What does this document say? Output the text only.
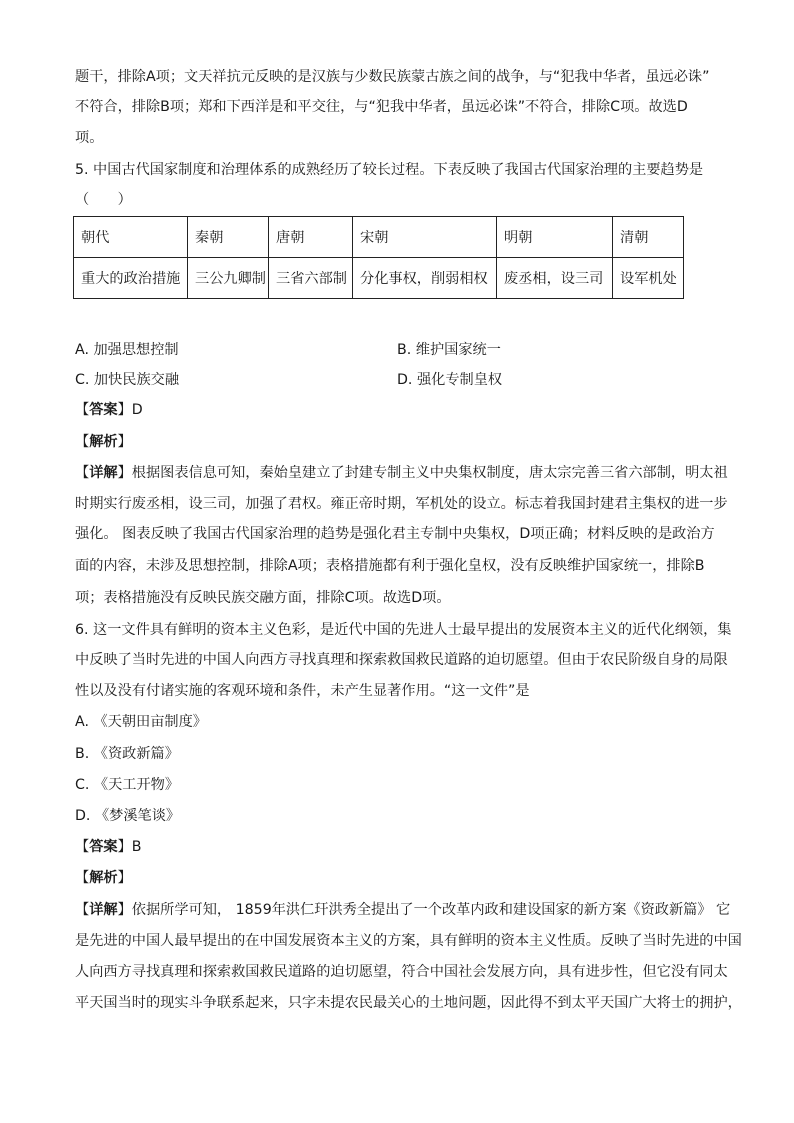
题干，排除A项；文天祥抗元反映的是汉族与少数民族蒙古族之间的战争，与“犯我中华者，虽远必诛”
不符合，排除B项；郑和下西洋是和平交往，与“犯我中华者，虽远必诛”不符合，排除C项。故选D
项。
5. 中国古代国家制度和治理体系的成熟经历了较长过程。下表反映了我国古代国家治理的主要趋势是
（　　）
朝代	秦朝	唐朝	宋朝	明朝	清朝
重大的政治措施	三公九卿制	三省六部制	分化事权，削弱相权	废丞相，设三司	设军机处
A. 加强思想控制	B. 维护国家统一
C. 加快民族交融	D. 强化专制皇权
【答案】D
【解析】
【详解】根据图表信息可知，秦始皇建立了封建专制主义中央集权制度，唐太宗完善三省六部制，明太祖
时期实行废丞相，设三司，加强了君权。雍正帝时期，军机处的设立。标志着我国封建君主集权的进一步
强化。 图表反映了我国古代国家治理的趋势是强化君主专制中央集权，D项正确；材料反映的是政治方
面的内容，未涉及思想控制，排除A项；表格措施都有利于强化皇权，没有反映维护国家统一，排除B
项；表格措施没有反映民族交融方面，排除C项。故选D项。
6. 这一文件具有鲜明的资本主义色彩，是近代中国的先进人士最早提出的发展资本主义的近代化纲领，集
中反映了当时先进的中国人向西方寻找真理和探索救国救民道路的迫切愿望。但由于农民阶级自身的局限
性以及没有付诸实施的客观环境和条件，未产生显著作用。“这一文件”是
A. 《天朝田亩制度》
B. 《资政新篇》
C. 《天工开物》
D. 《梦溪笔谈》
【答案】B
【解析】
【详解】依据所学可知， 1859年洪仁玕洪秀全提出了一个改革内政和建设国家的新方案《资政新篇》 它
是先进的中国人最早提出的在中国发展资本主义的方案，具有鲜明的资本主义性质。反映了当时先进的中国
人向西方寻找真理和探索救国救民道路的迫切愿望，符合中国社会发展方向，具有进步性，但它没有同太
平天国当时的现实斗争联系起来，只字未提农民最关心的土地问题，因此得不到太平天国广大将士的拥护，
